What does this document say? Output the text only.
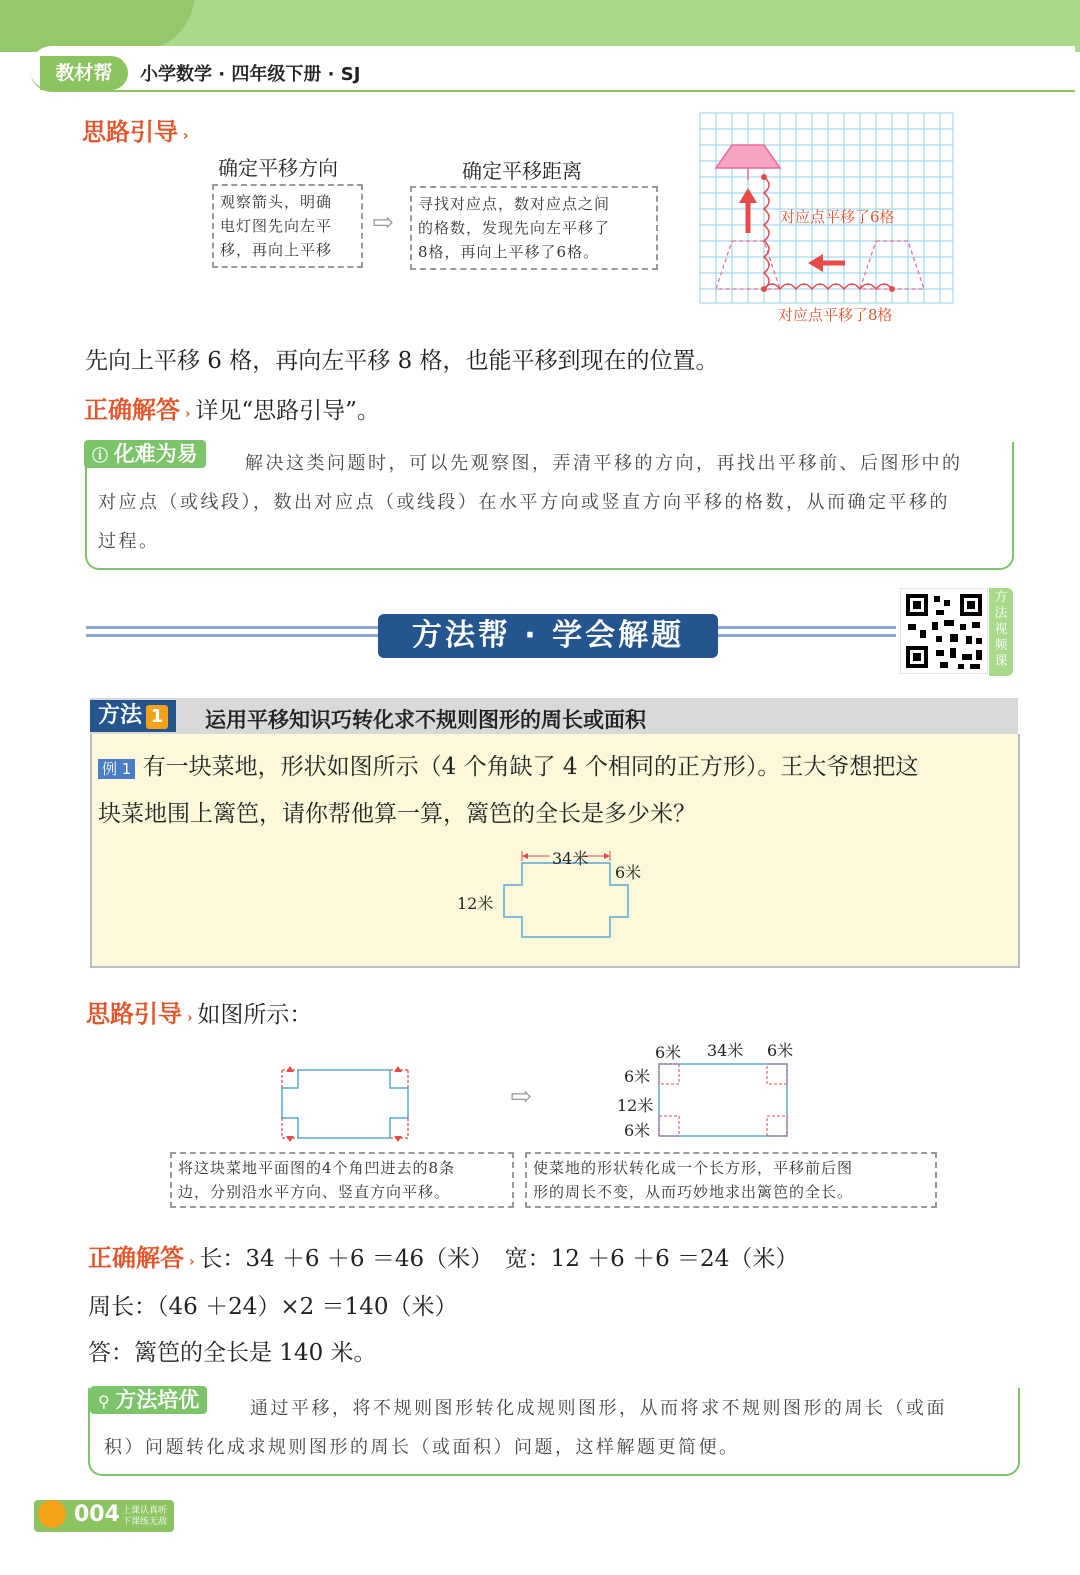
教材帮	小学数学 · 四年级下册 · SJ
思路引导 ›
确定平移方向
观察箭头，明确
电灯图先向左平
移，再向上平移
⇨
确定平移距离
寻找对应点，数对应点之间
的格数，发现先向左平移了
8格，再向上平移了6格。
对应点平移了6格
对应点平移了8格
先向上平移 6 格，再向左平移 8 格，也能平移到现在的位置。
正确解答 › 详见“思路引导”。
ⓘ 化难为易	解决这类问题时，可以先观察图，弄清平移的方向，再找出平移前、后图形中的
对应点（或线段），数出对应点（或线段）在水平方向或竖直方向平移的格数，从而确定平移的
过程。
方法帮 · 学会解题
方
法
视
频
课
方法 1	运用平移知识巧转化求不规则图形的周长或面积
例 1 有一块菜地，形状如图所示（4 个角缺了 4 个相同的正方形）。王大爷想把这
块菜地围上篱笆，请你帮他算一算，篱笆的全长是多少米？
34米
6米
12米
思路引导 › 如图所示：
⇨
6米 34米 6米
6米
12米
6米
将这块菜地平面图的4个角凹进去的8条
边，分别沿水平方向、竖直方向平移。
使菜地的形状转化成一个长方形，平移前后图
形的周长不变，从而巧妙地求出篱笆的全长。
正确解答 › 长：34 ＋6 ＋6 ＝46（米）　宽：12 ＋6 ＋6 ＝24（米）
周长：（46 ＋24）×2 ＝140（米）
答：篱笆的全长是 140 米。
⚲ 方法培优	通过平移，将不规则图形转化成规则图形，从而将求不规则图形的周长（或面
积）问题转化成求规则图形的周长（或面积）问题，这样解题更简便。
004 上课认真听
下课练无敌
